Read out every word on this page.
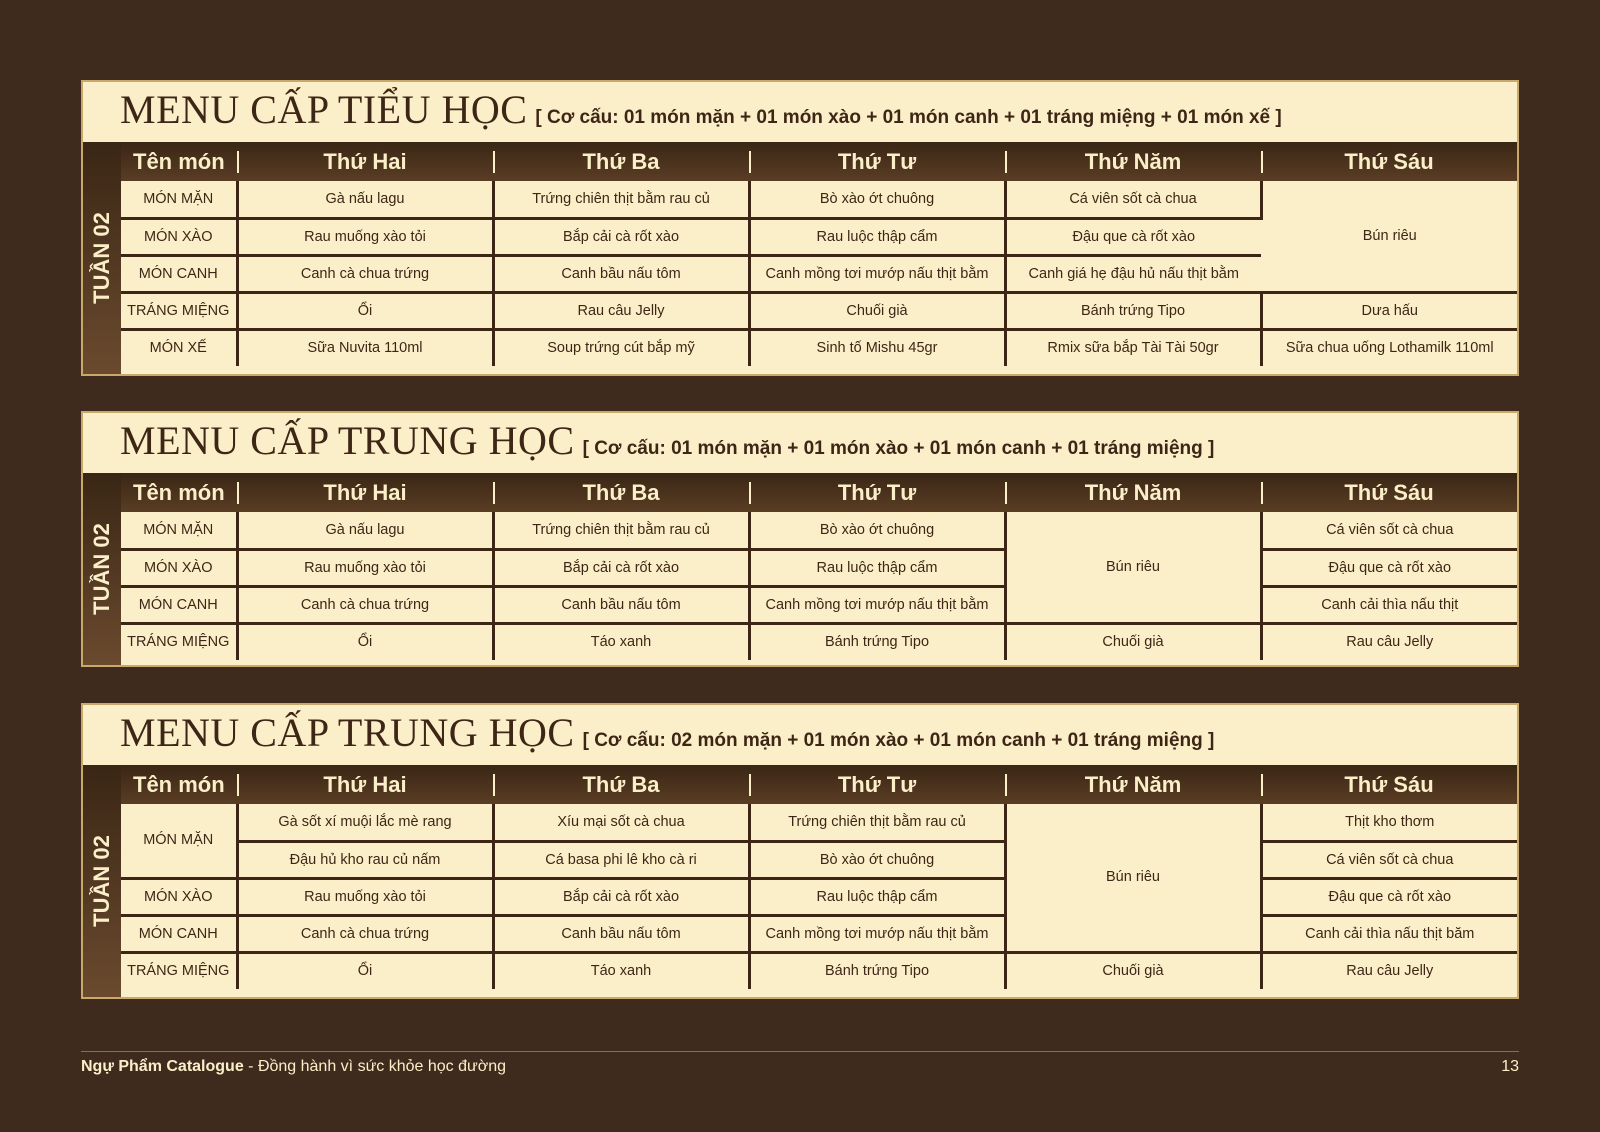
MENU CẤP TIỂU HỌC [ Cơ cấu: 01 món mặn + 01 món xào + 01 món canh + 01 tráng miệng + 01 món xế ]
TUẦN 02
Tên món	Thứ Hai	Thứ Ba	Thứ Tư	Thứ Năm	Thứ Sáu
MÓN MẶN	Gà nấu lagu	Trứng chiên thịt bằm rau củ	Bò xào ớt chuông	Cá viên sốt cà chua	Bún riêu
MÓN XÀO	Rau muống xào tỏi	Bắp cải cà rốt xào	Rau luộc thập cẩm	Đậu que cà rốt xào	
MÓN CANH	Canh cà chua trứng	Canh bầu nấu tôm	Canh mồng tơi mướp nấu thịt bằm	Canh giá hẹ đậu hủ nấu thịt bằm	
TRÁNG MIỆNG	Ổi	Rau câu Jelly	Chuối già	Bánh trứng Tipo	Dưa hấu
MÓN XẾ	Sữa Nuvita 110ml	Soup trứng cút bắp mỹ	Sinh tố Mishu 45gr	Rmix sữa bắp Tài Tài 50gr	Sữa chua uống Lothamilk 110ml
MENU CẤP TRUNG HỌC [ Cơ cấu: 01 món mặn + 01 món xào + 01 món canh + 01 tráng miệng ]
TUẦN 02
Tên món	Thứ Hai	Thứ Ba	Thứ Tư	Thứ Năm	Thứ Sáu
MÓN MẶN	Gà nấu lagu	Trứng chiên thịt bằm rau củ	Bò xào ớt chuông	Bún riêu	Cá viên sốt cà chua
MÓN XÀO	Rau muống xào tỏi	Bắp cải cà rốt xào	Rau luộc thập cẩm		Đậu que cà rốt xào
MÓN CANH	Canh cà chua trứng	Canh bầu nấu tôm	Canh mồng tơi mướp nấu thịt bằm		Canh cải thìa nấu thịt
TRÁNG MIỆNG	Ổi	Táo xanh	Bánh trứng Tipo	Chuối già	Rau câu Jelly
MENU CẤP TRUNG HỌC [ Cơ cấu: 02 món mặn + 01 món xào + 01 món canh + 01 tráng miệng ]
TUẦN 02
Tên món	Thứ Hai	Thứ Ba	Thứ Tư	Thứ Năm	Thứ Sáu
MÓN MẶN	Gà sốt xí muội lắc mè rang	Xíu mại sốt cà chua	Trứng chiên thịt bằm rau củ	Bún riêu	Thịt kho thơm
	Đậu hủ kho rau củ nấm	Cá basa phi lê kho cà ri	Bò xào ớt chuông		Cá viên sốt cà chua
MÓN XÀO	Rau muống xào tỏi	Bắp cải cà rốt xào	Rau luộc thập cẩm		Đậu que cà rốt xào
MÓN CANH	Canh cà chua trứng	Canh bầu nấu tôm	Canh mồng tơi mướp nấu thịt bằm		Canh cải thìa nấu thịt băm
TRÁNG MIỆNG	Ổi	Táo xanh	Bánh trứng Tipo	Chuối già	Rau câu Jelly
Ngự Phẩm Catalogue - Đồng hành vì sức khỏe học đường	13
